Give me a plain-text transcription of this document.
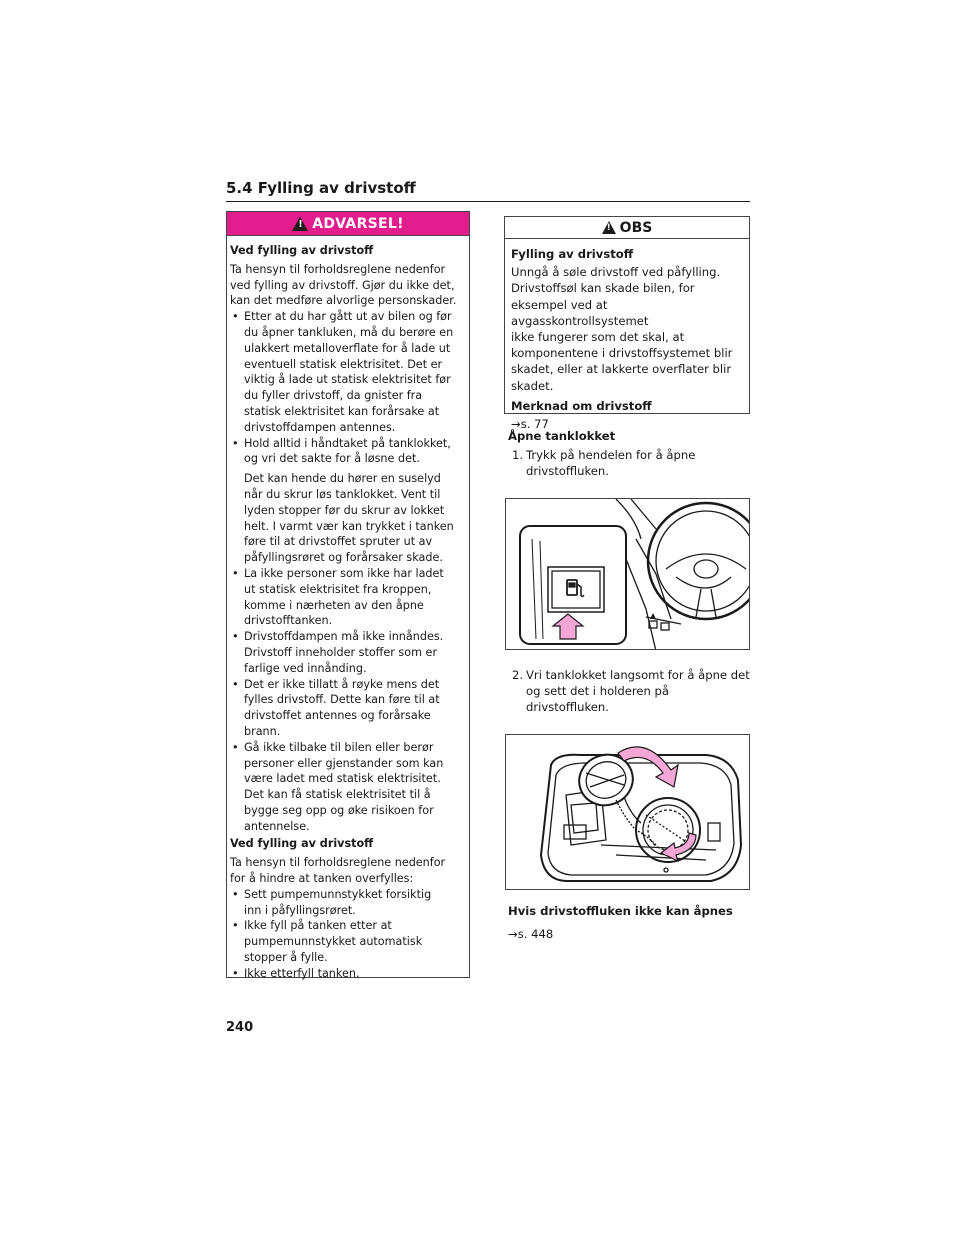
5.4 Fylling av drivstoff
!
ADVARSEL!
Ved fylling av drivstoff
Ta hensyn til forholdsreglene nedenfor
ved fylling av drivstoff. Gjør du ikke det,
kan det medføre alvorlige personskader.
• Etter at du har gått ut av bilen og før
du åpner tankluken, må du berøre en
ulakkert metalloverflate for å lade ut
eventuell statisk elektrisitet. Det er
viktig å lade ut statisk elektrisitet før
du fyller drivstoff, da gnister fra
statisk elektrisitet kan forårsake at
drivstoffdampen antennes.
• Hold alltid i håndtaket på tanklokket,
og vri det sakte for å løsne det.
Det kan hende du hører en suselyd
når du skrur løs tanklokket. Vent til
lyden stopper før du skrur av lokket
helt. I varmt vær kan trykket i tanken
føre til at drivstoffet spruter ut av
påfyllingsrøret og forårsaker skade.
• La ikke personer som ikke har ladet
ut statisk elektrisitet fra kroppen,
komme i nærheten av den åpne
drivstofftanken.
• Drivstoffdampen må ikke innåndes.
Drivstoff inneholder stoffer som er
farlige ved innånding.
• Det er ikke tillatt å røyke mens det
fylles drivstoff. Dette kan føre til at
drivstoffet antennes og forårsake
brann.
• Gå ikke tilbake til bilen eller berør
personer eller gjenstander som kan
være ladet med statisk elektrisitet.
Det kan få statisk elektrisitet til å
bygge seg opp og øke risikoen for
antennelse.
Ved fylling av drivstoff
Ta hensyn til forholdsreglene nedenfor
for å hindre at tanken overfylles:
• Sett pumpemunnstykket forsiktig
inn i påfyllingsrøret.
• Ikke fyll på tanken etter at
pumpemunnstykket automatisk
stopper å fylle.
• Ikke etterfyll tanken.
!
OBS
Fylling av drivstoff
Unngå å søle drivstoff ved påfylling.
Drivstoffsøl kan skade bilen, for
eksempel ved at avgasskontrollsystemet
ikke fungerer som det skal, at
komponentene i drivstoffsystemet blir
skadet, eller at lakkerte overflater blir
skadet.
Merknad om drivstoff
→s. 77
Åpne tanklokket
1. Trykk på hendelen for å åpne
drivstoffluken.
2. Vri tanklokket langsomt for å åpne det
og sett det i holderen på
drivstoffluken.
Hvis drivstoffluken ikke kan åpnes
→s. 448
240
